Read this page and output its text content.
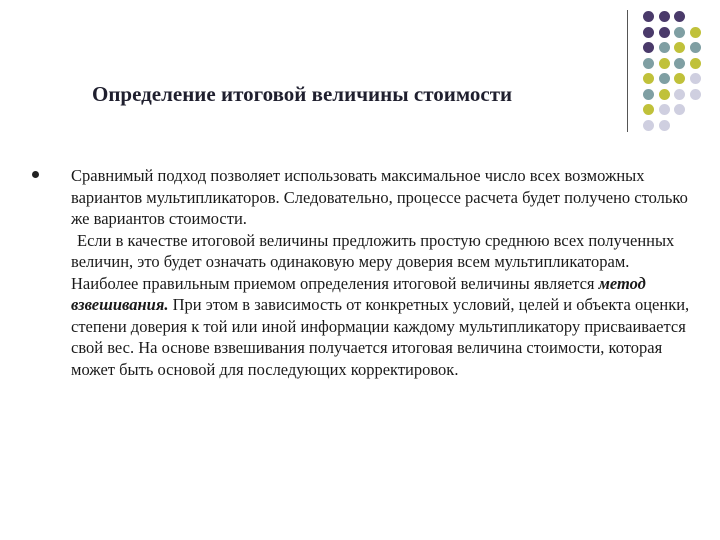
Определение итоговой величины стоимости

Сравнимый подход позволяет использовать максимальное число всех возможных вариантов мультипликаторов. Следовательно, процессе расчета будет получено столько же вариантов стоимости.

Если в качестве итоговой величины предложить простую среднюю всех полученных величин, это будет означать одинаковую меру доверия всем мультипликаторам. Наиболее правильным приемом определения итоговой величины является метод взвешивания. При этом в зависимость от конкретных условий, целей и объекта оценки, степени доверия к той или иной информации каждому мультипликатору присваивается свой вес. На основе взвешивания получается итоговая величина стоимости, которая может быть основой для последующих корректировок.
